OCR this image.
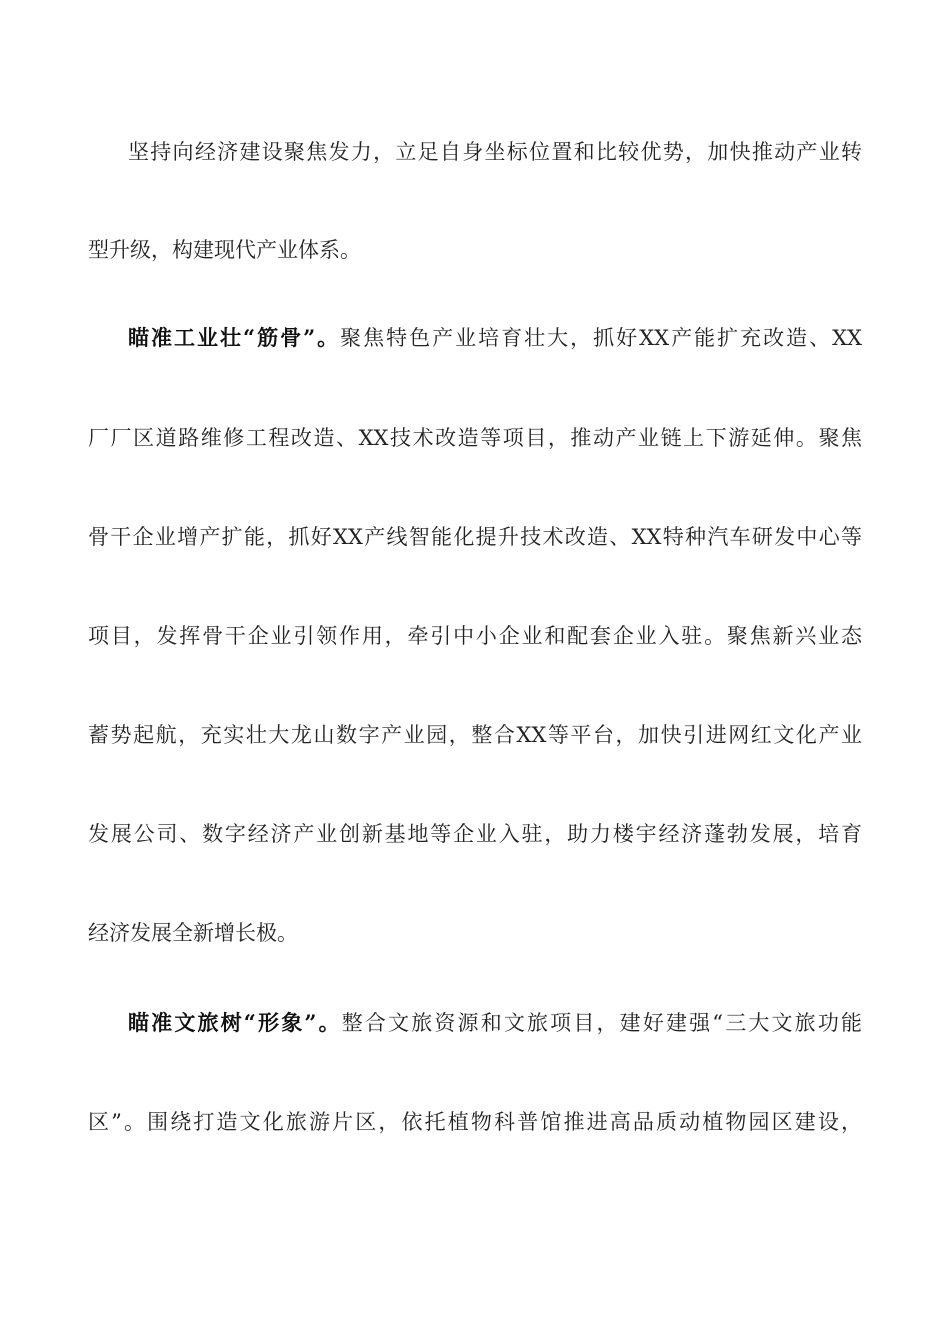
坚持向经济建设聚焦发力，立足自身坐标位置和比较优势，加快推动产业转
型升级，构建现代产业体系。
瞄准工业壮“筋骨”。聚焦特色产业培育壮大，抓好XX产能扩充改造、XX
厂厂区道路维修工程改造、XX技术改造等项目，推动产业链上下游延伸。聚焦
骨干企业增产扩能，抓好XX产线智能化提升技术改造、XX特种汽车研发中心等
项目，发挥骨干企业引领作用，牵引中小企业和配套企业入驻。聚焦新兴业态
蓄势起航，充实壮大龙山数字产业园，整合XX等平台，加快引进网红文化产业
发展公司、数字经济产业创新基地等企业入驻，助力楼宇经济蓬勃发展，培育
经济发展全新增长极。
瞄准文旅树“形象”。整合文旅资源和文旅项目，建好建强“三大文旅功能
区”。围绕打造文化旅游片区，依托植物科普馆推进高品质动植物园区建设，
